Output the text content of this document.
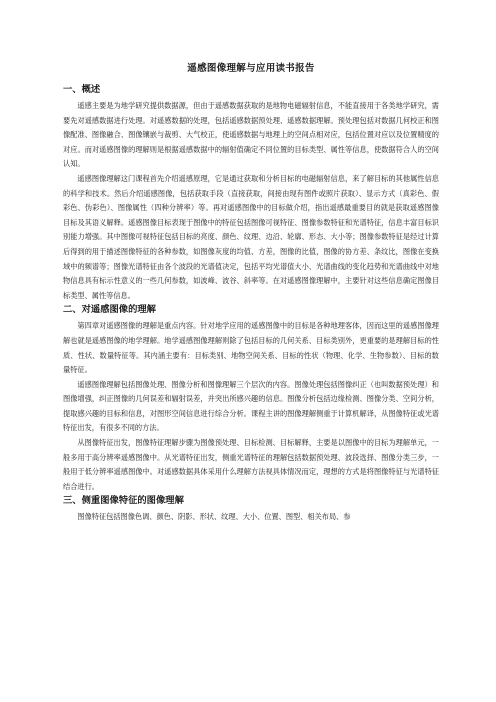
遥感图像理解与应用读书报告
一、概述

遥感主要是为地学研究提供数据源，但由于遥感数据获取的是地物电磁辐射信息，不能直接用于各类地学研究，需要先对遥感数据进行处理。对遥感数据的处理，包括遥感数据预处理、遥感数据理解。预处理包括对数据几何校正和图像配准、图像融合、图像镶嵌与裁剪、大气校正，使遥感数据与地理上的空间点相对应，包括位置对应以及位置精度的对应。而对遥感图像的理解则是根据遥感数据中的辐射值确定不同位置的目标类型、属性等信息，使数据符合人的空间认知。

遥感图像理解这门课程首先介绍遥感原理，它是通过获取和分析目标的电磁辐射信息，来了解目标的其他属性信息的科学和技术。然后介绍遥感图像，包括获取手段（直接获取，间接由现有图件或照片获取）、显示方式（真彩色、假彩色、伪彩色）、图像属性（四种分辨率）等。再对遥感图像中的目标做介绍，指出遥感最重要目的就是获取遥感图像目标及其语义解释。遥感图像目标表现于图像中的特征包括图像可视特征、图像参数特征和光谱特征，信息丰富目标识别能力增强。其中图像可视特征包括目标的亮度、颜色、纹理、边沿、轮廓、形态、大小等；图像参数特征是经过计算后得到的用于描述图像特征的各种参数，如图像灰度的均值、方差，图像的比值，图像的协方差、条纹比，图像在变换域中的频谱等；图像光谱特征由各个波段的光谱值决定，包括平均光谱值大小、光谱曲线的变化趋势和光谱曲线中对地物信息具有标示性意义的一些几何参数，如波峰、波谷、斜率等。在对遥感图像理解中，主要针对这些信息确定图像目标类型、属性等信息。

二、对遥感图像的理解

第四章对遥感图像的理解是重点内容。针对地学应用的遥感图像中的目标是各种地理客体，因而这里的遥感图像理解也就是遥感图像的地学理解。地学遥感图像理解则除了包括目标的几何关系、目标类别外，更重要的是理解目标的性质、性状、数量特征等。其内涵主要有：目标类别、地物空间关系、目标的性状（物理、化学、生物参数）、目标的数量特征。

遥感图像理解包括图像处理、图像分析和图像理解三个层次的内容。图像处理包括图像纠正（也叫数据预处理）和图像增强，纠正图像的几何误差和辐射误差，并突出所感兴趣的信息。图像分析包括边缘检测、图像分类、空间分析，提取感兴趣的目标和信息，对图形空间信息进行综合分析。课程主讲的图像理解侧重于计算机解译，从图像特征或光谱特征出发，有很多不同的方法。

从图像特征出发，图像特征理解步骤为图像预处理、目标检测、目标解释，主要是以图像中的目标为理解单元，一般多用于高分辨率遥感图像中。从光谱特征出发，侧重光谱特征的理解包括数据预处理、波段选择、图像分类三步，一般用于低分辨率遥感图像中。对遥感数据具体采用什么理解方法视具体情况而定，理想的方式是将图像特征与光谱特征结合进行。

三、侧重图像特征的图像理解

图像特征包括图像色调、颜色、阴影、形状、纹理、大小、位置、图型、相关布局、参
